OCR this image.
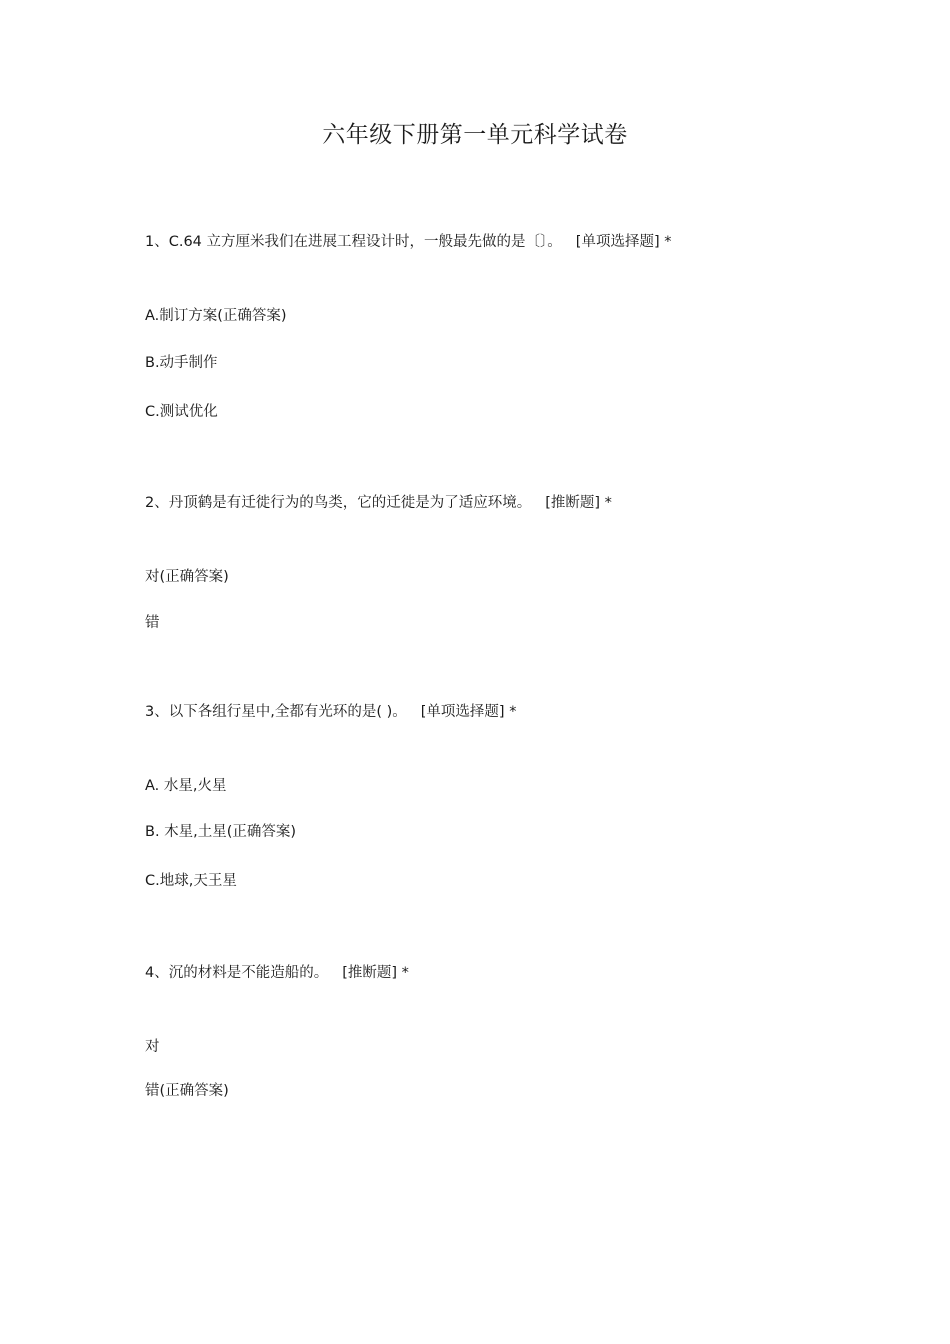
六年级下册第一单元科学试卷
1、C.64 立方厘米我们在进展工程设计时，一般最先做的是〔〕。 [单项选择题] *
A.制订方案(正确答案)
B.动手制作
C.测试优化
2、丹顶鹤是有迁徙行为的鸟类，它的迁徙是为了适应环境。 [推断题] *
对(正确答案)
错
3、以下各组行星中,全都有光环的是( )。 [单项选择题] *
A. 水星,火星
B. 木星,土星(正确答案)
C.地球,天王星
4、沉的材料是不能造船的。 [推断题] *
对
错(正确答案)
